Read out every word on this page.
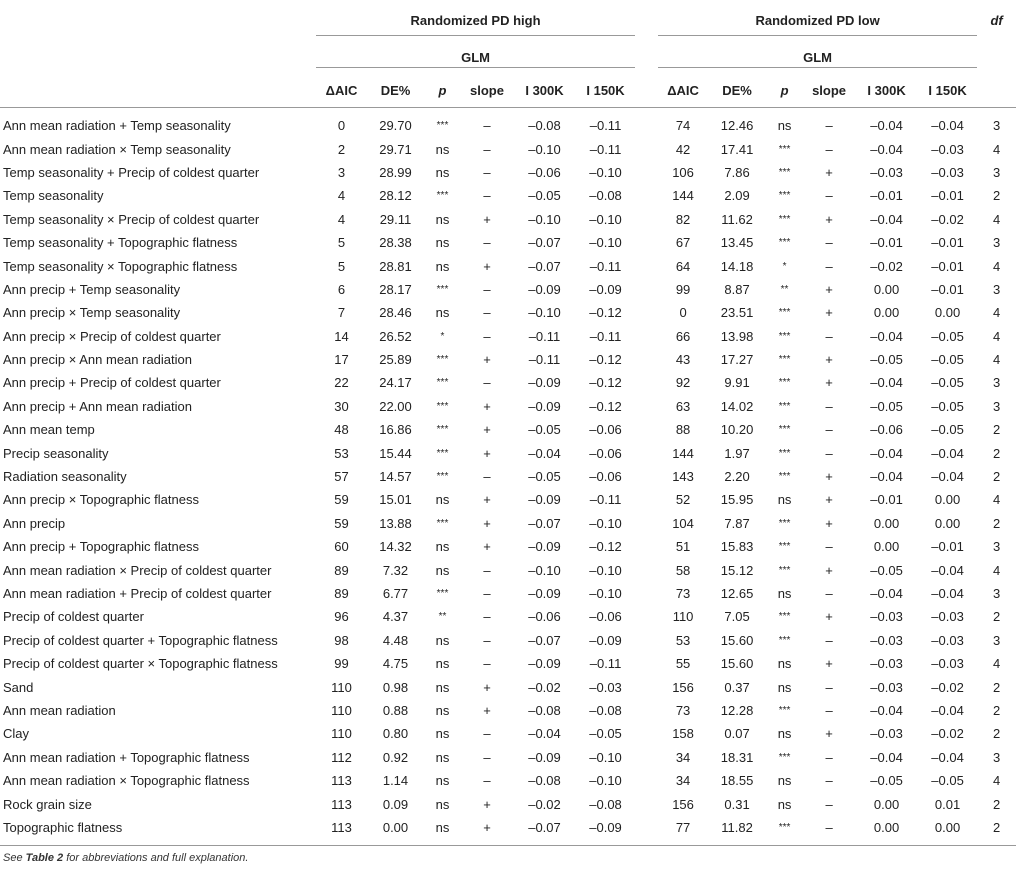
	Randomized PD high							Randomized PD low						df
	GLM							GLM						
	ΔAIC	DE%	p	slope	I 300K	I 150K		ΔAIC	DE%	p	slope	I 300K	I 150K	
Ann mean radiation + Temp seasonality	0	29.70	***	–	–0.08	–0.11		74	12.46	ns	–	–0.04	–0.04	3
Ann mean radiation × Temp seasonality	2	29.71	ns	–	–0.10	–0.11		42	17.41	***	–	–0.04	–0.03	4
Temp seasonality + Precip of coldest quarter	3	28.99	ns	–	–0.06	–0.10		106	7.86	***	+	–0.03	–0.03	3
Temp seasonality	4	28.12	***	–	–0.05	–0.08		144	2.09	***	–	–0.01	–0.01	2
Temp seasonality × Precip of coldest quarter	4	29.11	ns	+	–0.10	–0.10		82	11.62	***	+	–0.04	–0.02	4
Temp seasonality + Topographic flatness	5	28.38	ns	–	–0.07	–0.10		67	13.45	***	–	–0.01	–0.01	3
Temp seasonality × Topographic flatness	5	28.81	ns	+	–0.07	–0.11		64	14.18	*	–	–0.02	–0.01	4
Ann precip + Temp seasonality	6	28.17	***	–	–0.09	–0.09		99	8.87	**	+	0.00	–0.01	3
Ann precip × Temp seasonality	7	28.46	ns	–	–0.10	–0.12		0	23.51	***	+	0.00	0.00	4
Ann precip × Precip of coldest quarter	14	26.52	*	–	–0.11	–0.11		66	13.98	***	–	–0.04	–0.05	4
Ann precip × Ann mean radiation	17	25.89	***	+	–0.11	–0.12		43	17.27	***	+	–0.05	–0.05	4
Ann precip + Precip of coldest quarter	22	24.17	***	–	–0.09	–0.12		92	9.91	***	+	–0.04	–0.05	3
Ann precip + Ann mean radiation	30	22.00	***	+	–0.09	–0.12		63	14.02	***	–	–0.05	–0.05	3
Ann mean temp	48	16.86	***	+	–0.05	–0.06		88	10.20	***	–	–0.06	–0.05	2
Precip seasonality	53	15.44	***	+	–0.04	–0.06		144	1.97	***	–	–0.04	–0.04	2
Radiation seasonality	57	14.57	***	–	–0.05	–0.06		143	2.20	***	+	–0.04	–0.04	2
Ann precip × Topographic flatness	59	15.01	ns	+	–0.09	–0.11		52	15.95	ns	+	–0.01	0.00	4
Ann precip	59	13.88	***	+	–0.07	–0.10		104	7.87	***	+	0.00	0.00	2
Ann precip + Topographic flatness	60	14.32	ns	+	–0.09	–0.12		51	15.83	***	–	0.00	–0.01	3
Ann mean radiation × Precip of coldest quarter	89	7.32	ns	–	–0.10	–0.10		58	15.12	***	+	–0.05	–0.04	4
Ann mean radiation + Precip of coldest quarter	89	6.77	***	–	–0.09	–0.10		73	12.65	ns	–	–0.04	–0.04	3
Precip of coldest quarter	96	4.37	**	–	–0.06	–0.06		110	7.05	***	+	–0.03	–0.03	2
Precip of coldest quarter + Topographic flatness	98	4.48	ns	–	–0.07	–0.09		53	15.60	***	–	–0.03	–0.03	3
Precip of coldest quarter × Topographic flatness	99	4.75	ns	–	–0.09	–0.11		55	15.60	ns	+	–0.03	–0.03	4
Sand	110	0.98	ns	+	–0.02	–0.03		156	0.37	ns	–	–0.03	–0.02	2
Ann mean radiation	110	0.88	ns	+	–0.08	–0.08		73	12.28	***	–	–0.04	–0.04	2
Clay	110	0.80	ns	–	–0.04	–0.05		158	0.07	ns	+	–0.03	–0.02	2
Ann mean radiation + Topographic flatness	112	0.92	ns	–	–0.09	–0.10		34	18.31	***	–	–0.04	–0.04	3
Ann mean radiation × Topographic flatness	113	1.14	ns	–	–0.08	–0.10		34	18.55	ns	–	–0.05	–0.05	4
Rock grain size	113	0.09	ns	+	–0.02	–0.08		156	0.31	ns	–	0.00	0.01	2
Topographic flatness	113	0.00	ns	+	–0.07	–0.09		77	11.82	***	–	0.00	0.00	2
See Table 2 for abbreviations and full explanation.
